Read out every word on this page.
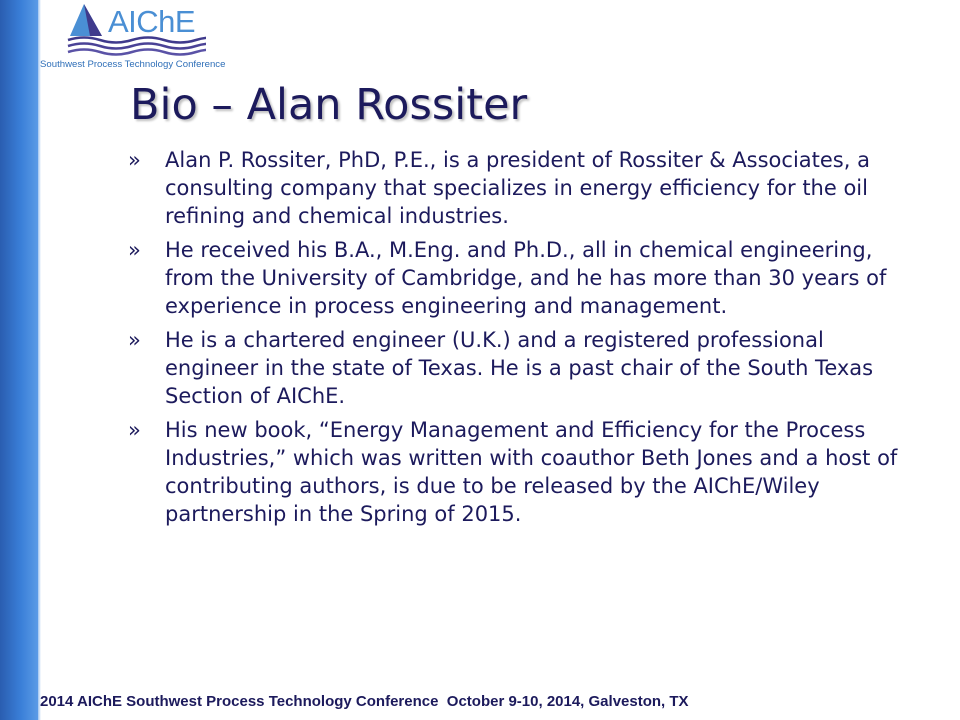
AIChE
Southwest Process Technology Conference
Bio – Alan Rossiter
»	Alan P. Rossiter, PhD, P.E., is a president of Rossiter & Associates, a consulting company that specializes in energy efficiency for the oil refining and chemical industries.
»	He received his B.A., M.Eng. and Ph.D., all in chemical engineering, from the University of Cambridge, and he has more than 30 years of experience in process engineering and management.
»	He is a chartered engineer (U.K.) and a registered professional engineer in the state of Texas. He is a past chair of the South Texas Section of AIChE.
»	His new book, “Energy Management and Efficiency for the Process Industries,” which was written with coauthor Beth Jones and a host of contributing authors, is due to be released by the AIChE/Wiley partnership in the Spring of 2015.
2014 AIChE Southwest Process Technology Conference October 9-10, 2014, Galveston, TX
